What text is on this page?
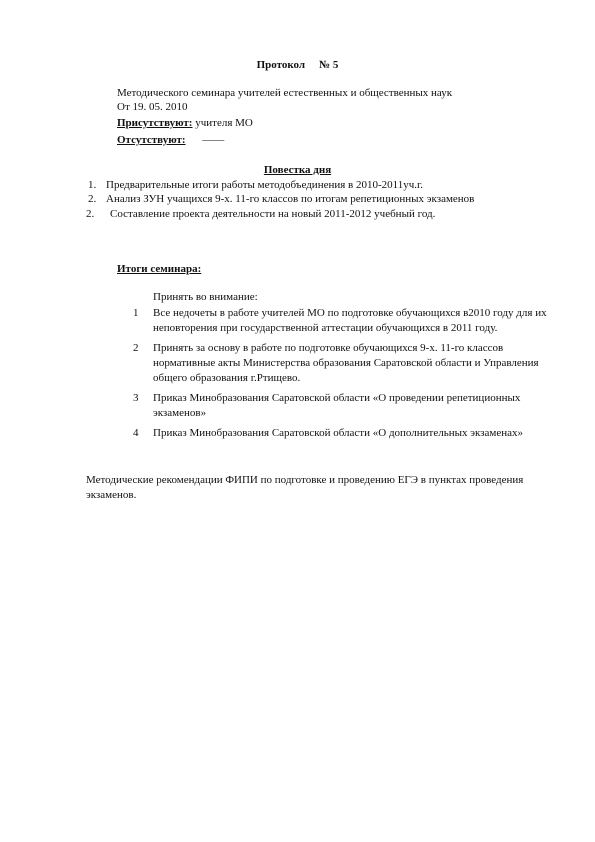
Протокол № 5
Методического семинара учителей естественных и общественных наук
От 19. 05. 2010
Присутствуют: учителя МО
Отсутствуют: ——
Повестка дня
1. Предварительные итоги работы методобъединения в 2010-2011уч.г.
2. Анализ ЗУН учащихся 9-х. 11-го классов по итогам репетиционных экзаменов
2.	Составление проекта деятельности на новый 2011-2012 учебный год.
Итоги семинара:
Принять во внимание:
1	Все недочеты в работе учителей МО по подготовке обучающихся в2010 году для их неповторения при государственной аттестации обучающихся в 2011 году.
2	Принять за основу в работе по подготовке обучающихся 9-х. 11-го классов нормативные акты Министерства образования Саратовской области и Управления общего образования г.Ртищево.
3	Приказ Минобразования Саратовской области «О проведении репетиционных экзаменов»
4	Приказ Минобразования Саратовской области «О дополнительных экзаменах»
Методические рекомендации ФИПИ по подготовке и проведению ЕГЭ в пунктах проведения экзаменов.
